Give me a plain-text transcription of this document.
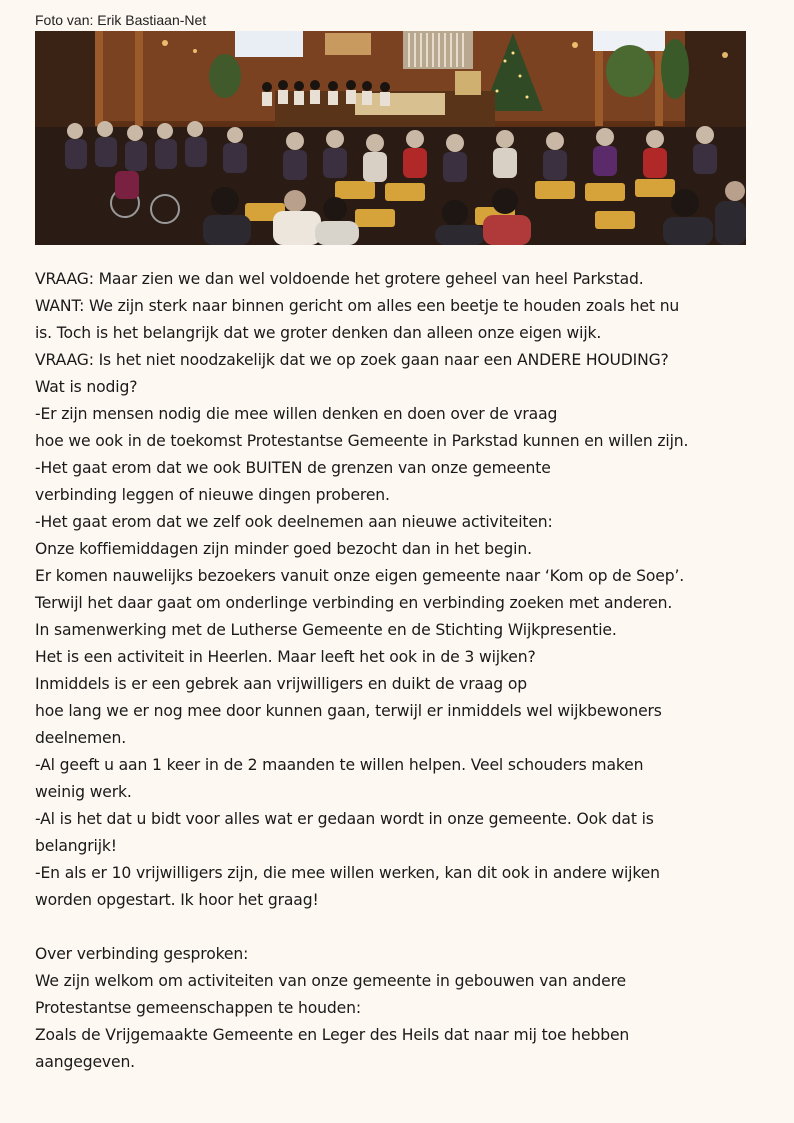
Foto van: Erik Bastiaan-Net
VRAAG: Maar zien we dan wel voldoende het grotere geheel van heel Parkstad.
WANT: We zijn sterk naar binnen gericht om alles een beetje te houden zoals het nu
is. Toch is het belangrijk dat we groter denken dan alleen onze eigen wijk.
VRAAG: Is het niet noodzakelijk dat we op zoek gaan naar een ANDERE HOUDING?
Wat is nodig?
-Er zijn mensen nodig die mee willen denken en doen over de vraag
hoe we ook in de toekomst Protestantse Gemeente in Parkstad kunnen en willen zijn.
-Het gaat erom dat we ook BUITEN de grenzen van onze gemeente
verbinding leggen of nieuwe dingen proberen.
-Het gaat erom dat we zelf ook deelnemen aan nieuwe activiteiten:
Onze koffiemiddagen zijn minder goed bezocht dan in het begin.
Er komen nauwelijks bezoekers vanuit onze eigen gemeente naar ‘Kom op de Soep’.
Terwijl het daar gaat om onderlinge verbinding en verbinding zoeken met anderen.
In samenwerking met de Lutherse Gemeente en de Stichting Wijkpresentie.
Het is een activiteit in Heerlen. Maar leeft het ook in de 3 wijken?
Inmiddels is er een gebrek aan vrijwilligers en duikt de vraag op
hoe lang we er nog mee door kunnen gaan, terwijl er inmiddels wel wijkbewoners
deelnemen.
-Al geeft u aan 1 keer in de 2 maanden te willen helpen. Veel schouders maken
weinig werk.
-Al is het dat u bidt voor alles wat er gedaan wordt in onze gemeente. Ook dat is
belangrijk!
-En als er 10 vrijwilligers zijn, die mee willen werken, kan dit ook in andere wijken
worden opgestart. Ik hoor het graag!
Over verbinding gesproken:
We zijn welkom om activiteiten van onze gemeente in gebouwen van andere
Protestantse gemeenschappen te houden:
Zoals de Vrijgemaakte Gemeente en Leger des Heils dat naar mij toe hebben
aangegeven.
